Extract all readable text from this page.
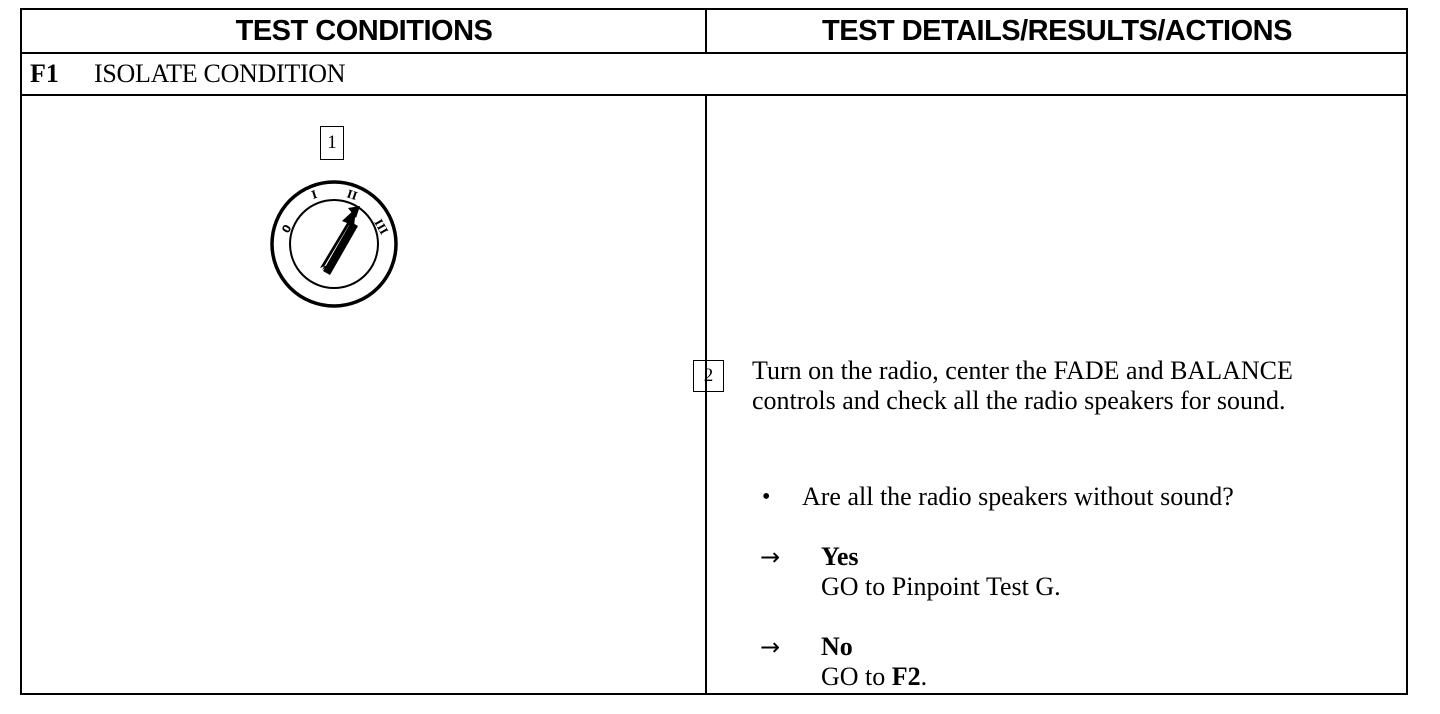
TEST CONDITIONS	TEST DETAILS/RESULTS/ACTIONS
F1 ISOLATE CONDITION
1
0
I II
III
2	Turn on the radio, center the FADE and BALANCE controls and check all the radio speakers for sound.
• Are all the radio speakers without sound?
→ Yes
GO to Pinpoint Test G.
→ No
GO to F2.
